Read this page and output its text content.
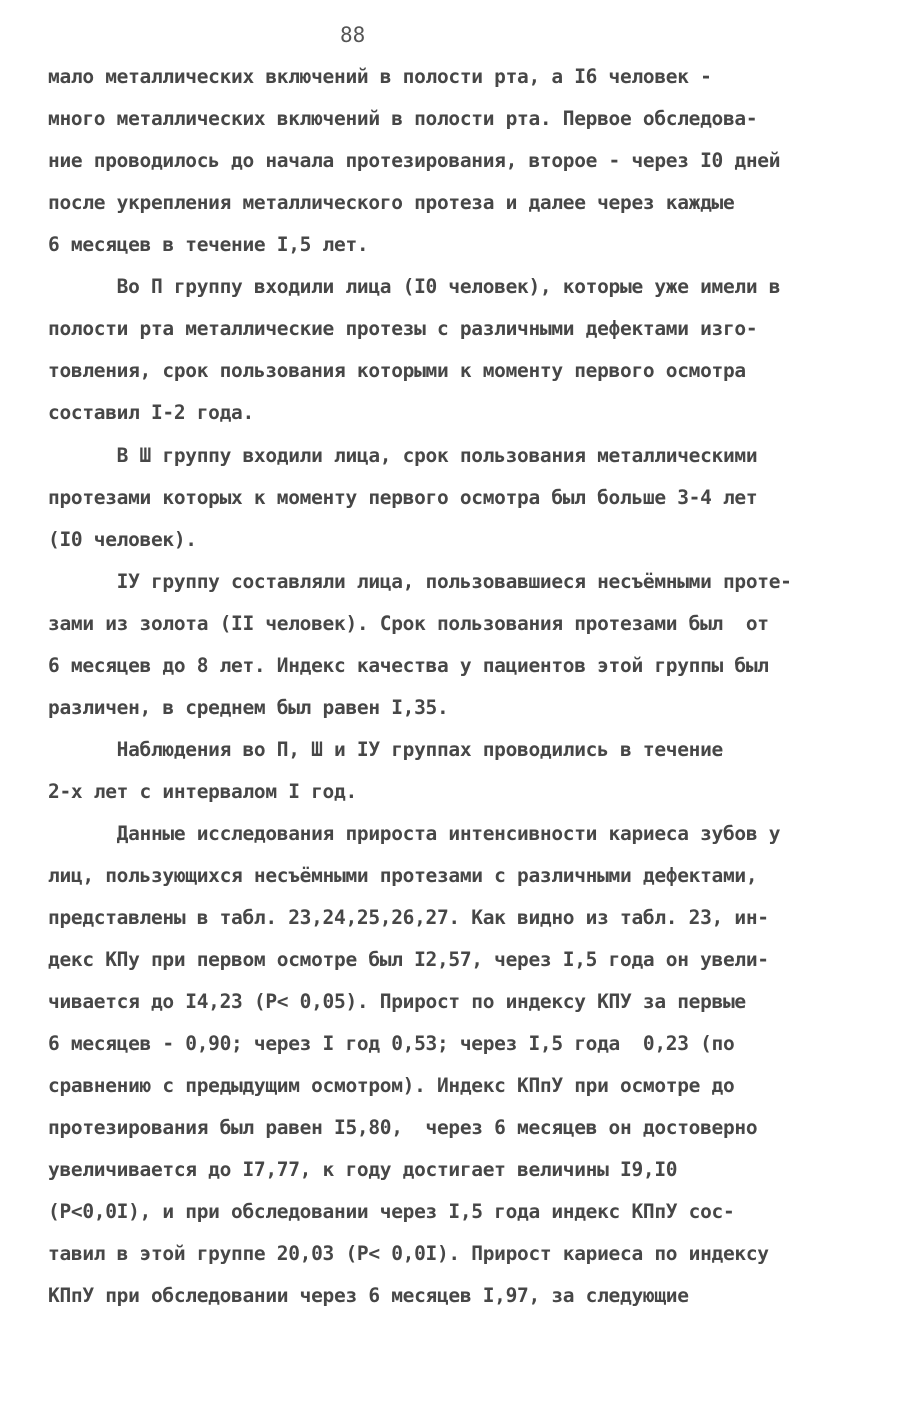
88
мало металлических включений в полости рта, а I6 человек -
много металлических включений в полости рта. Первое обследова-
ние проводилось до начала протезирования, второе - через I0 дней
после укрепления металлического протеза и далее через каждые
6 месяцев в течение I,5 лет.
Во П группу входили лица (I0 человек), которые уже имели в
полости рта металлические протезы с различными дефектами изго-
товления, срок пользования которыми к моменту первого осмотра
составил I-2 года.
В Ш группу входили лица, срок пользования металлическими
протезами которых к моменту первого осмотра был больше 3-4 лет
(I0 человек).
IУ группу составляли лица, пользовавшиеся несъёмными проте-
зами из золота (II человек). Срок пользования протезами был  от
6 месяцев до 8 лет. Индекс качества у пациентов этой группы был
различен, в среднем был равен I,35.
Наблюдения во П, Ш и IУ группах проводились в течение
2-х лет с интервалом I год.
Данные исследования прироста интенсивности кариеса зубов у
лиц, пользующихся несъёмными протезами с различными дефектами,
представлены в табл. 23,24,25,26,27. Как видно из табл. 23, ин-
декс КПу при первом осмотре был I2,57, через I,5 года он увели-
чивается до I4,23 (Р< 0,05). Прирост по индексу КПУ за первые
6 месяцев - 0,90; через I год 0,53; через I,5 года  0,23 (по
сравнению с предыдущим осмотром). Индекс КПпУ при осмотре до
протезирования был равен I5,80,  через 6 месяцев он достоверно
увеличивается до I7,77, к году достигает величины I9,I0
(Р<0,0I), и при обследовании через I,5 года индекс КПпУ сос-
тавил в этой группе 20,03 (Р< 0,0I). Прирост кариеса по индексу
КПпУ при обследовании через 6 месяцев I,97, за следующие
